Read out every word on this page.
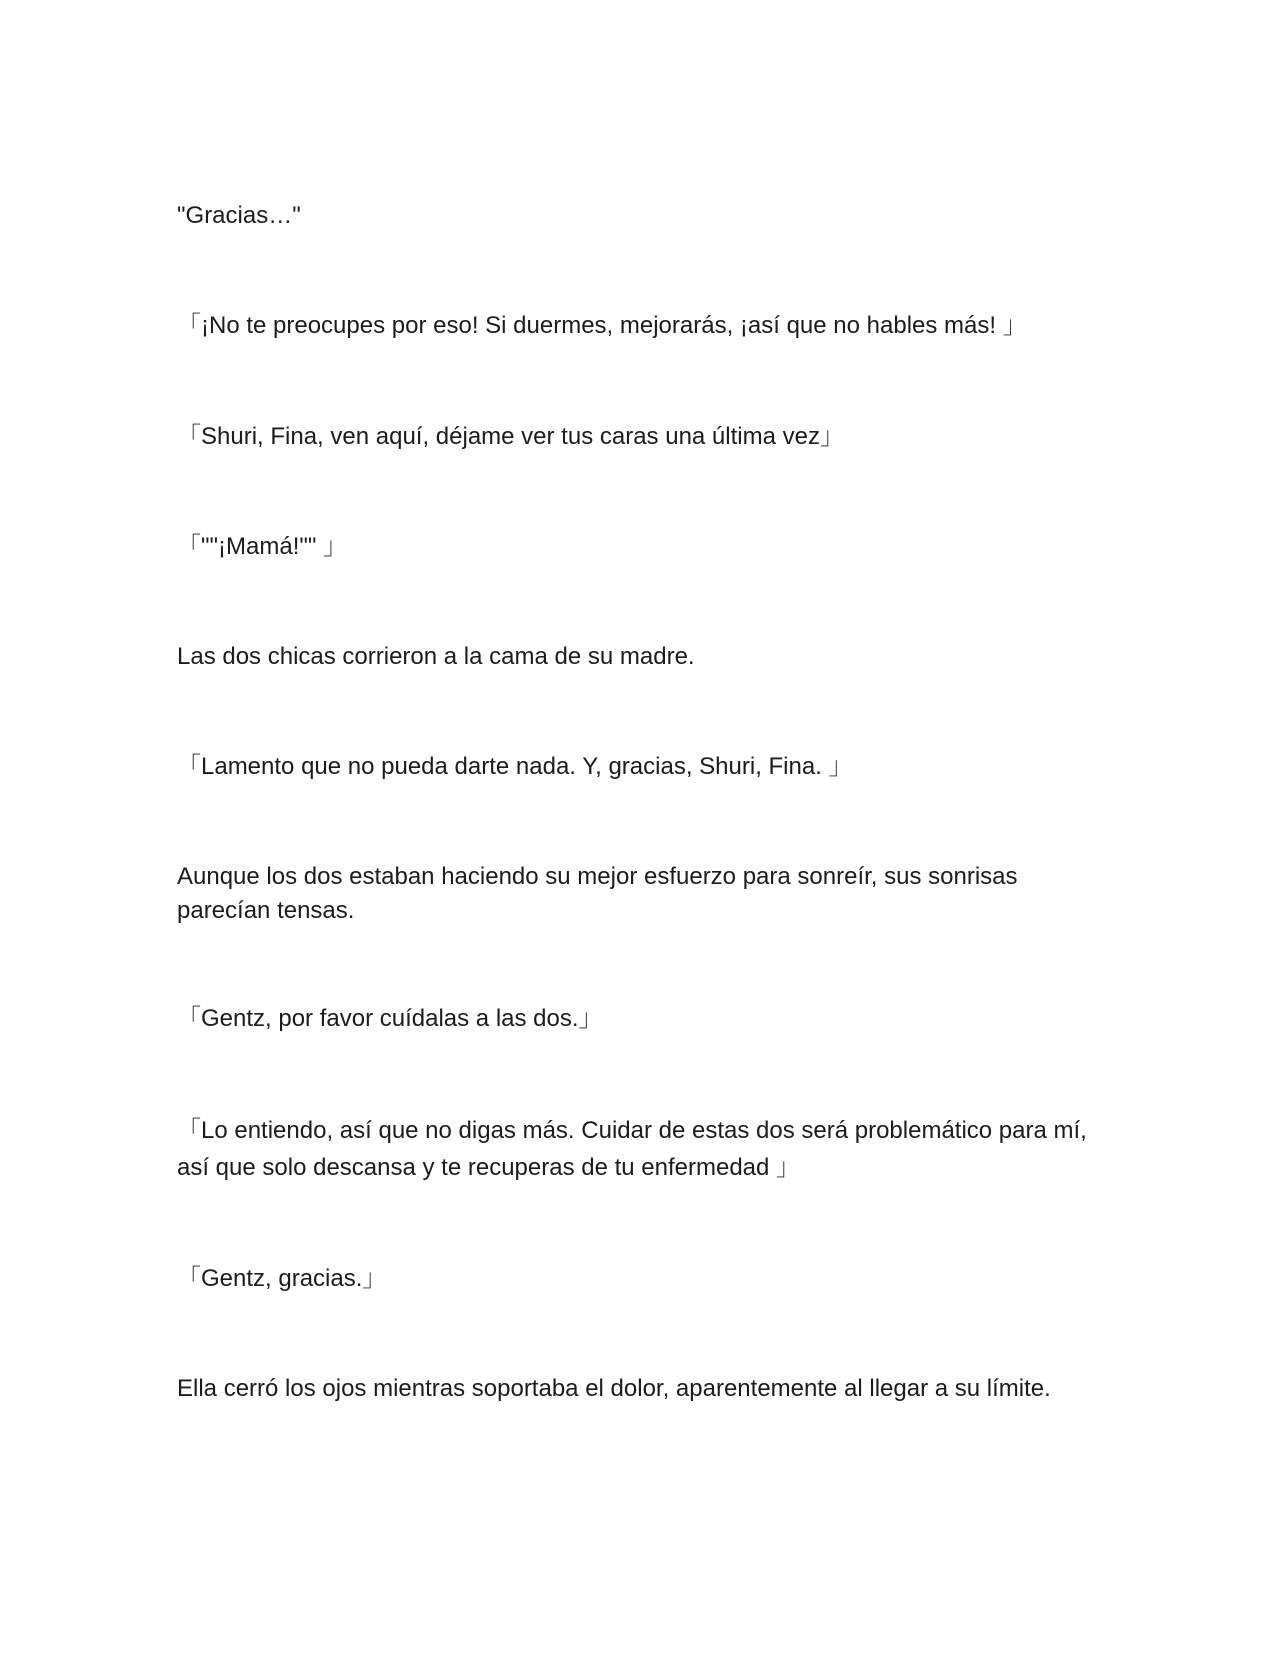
"Gracias…"

「¡No te preocupes por eso! Si duermes, mejorarás, ¡así que no hables más! 」

「Shuri, Fina, ven aquí, déjame ver tus caras una última vez」

「""¡Mamá!"" 」

Las dos chicas corrieron a la cama de su madre.

「Lamento que no pueda darte nada. Y, gracias, Shuri, Fina. 」

Aunque los dos estaban haciendo su mejor esfuerzo para sonreír, sus sonrisas parecían tensas.

「Gentz, por favor cuídalas a las dos.」

「Lo entiendo, así que no digas más. Cuidar de estas dos será problemático para mí, así que solo descansa y te recuperas de tu enfermedad 」

「Gentz, gracias.」

Ella cerró los ojos mientras soportaba el dolor, aparentemente al llegar a su límite.
